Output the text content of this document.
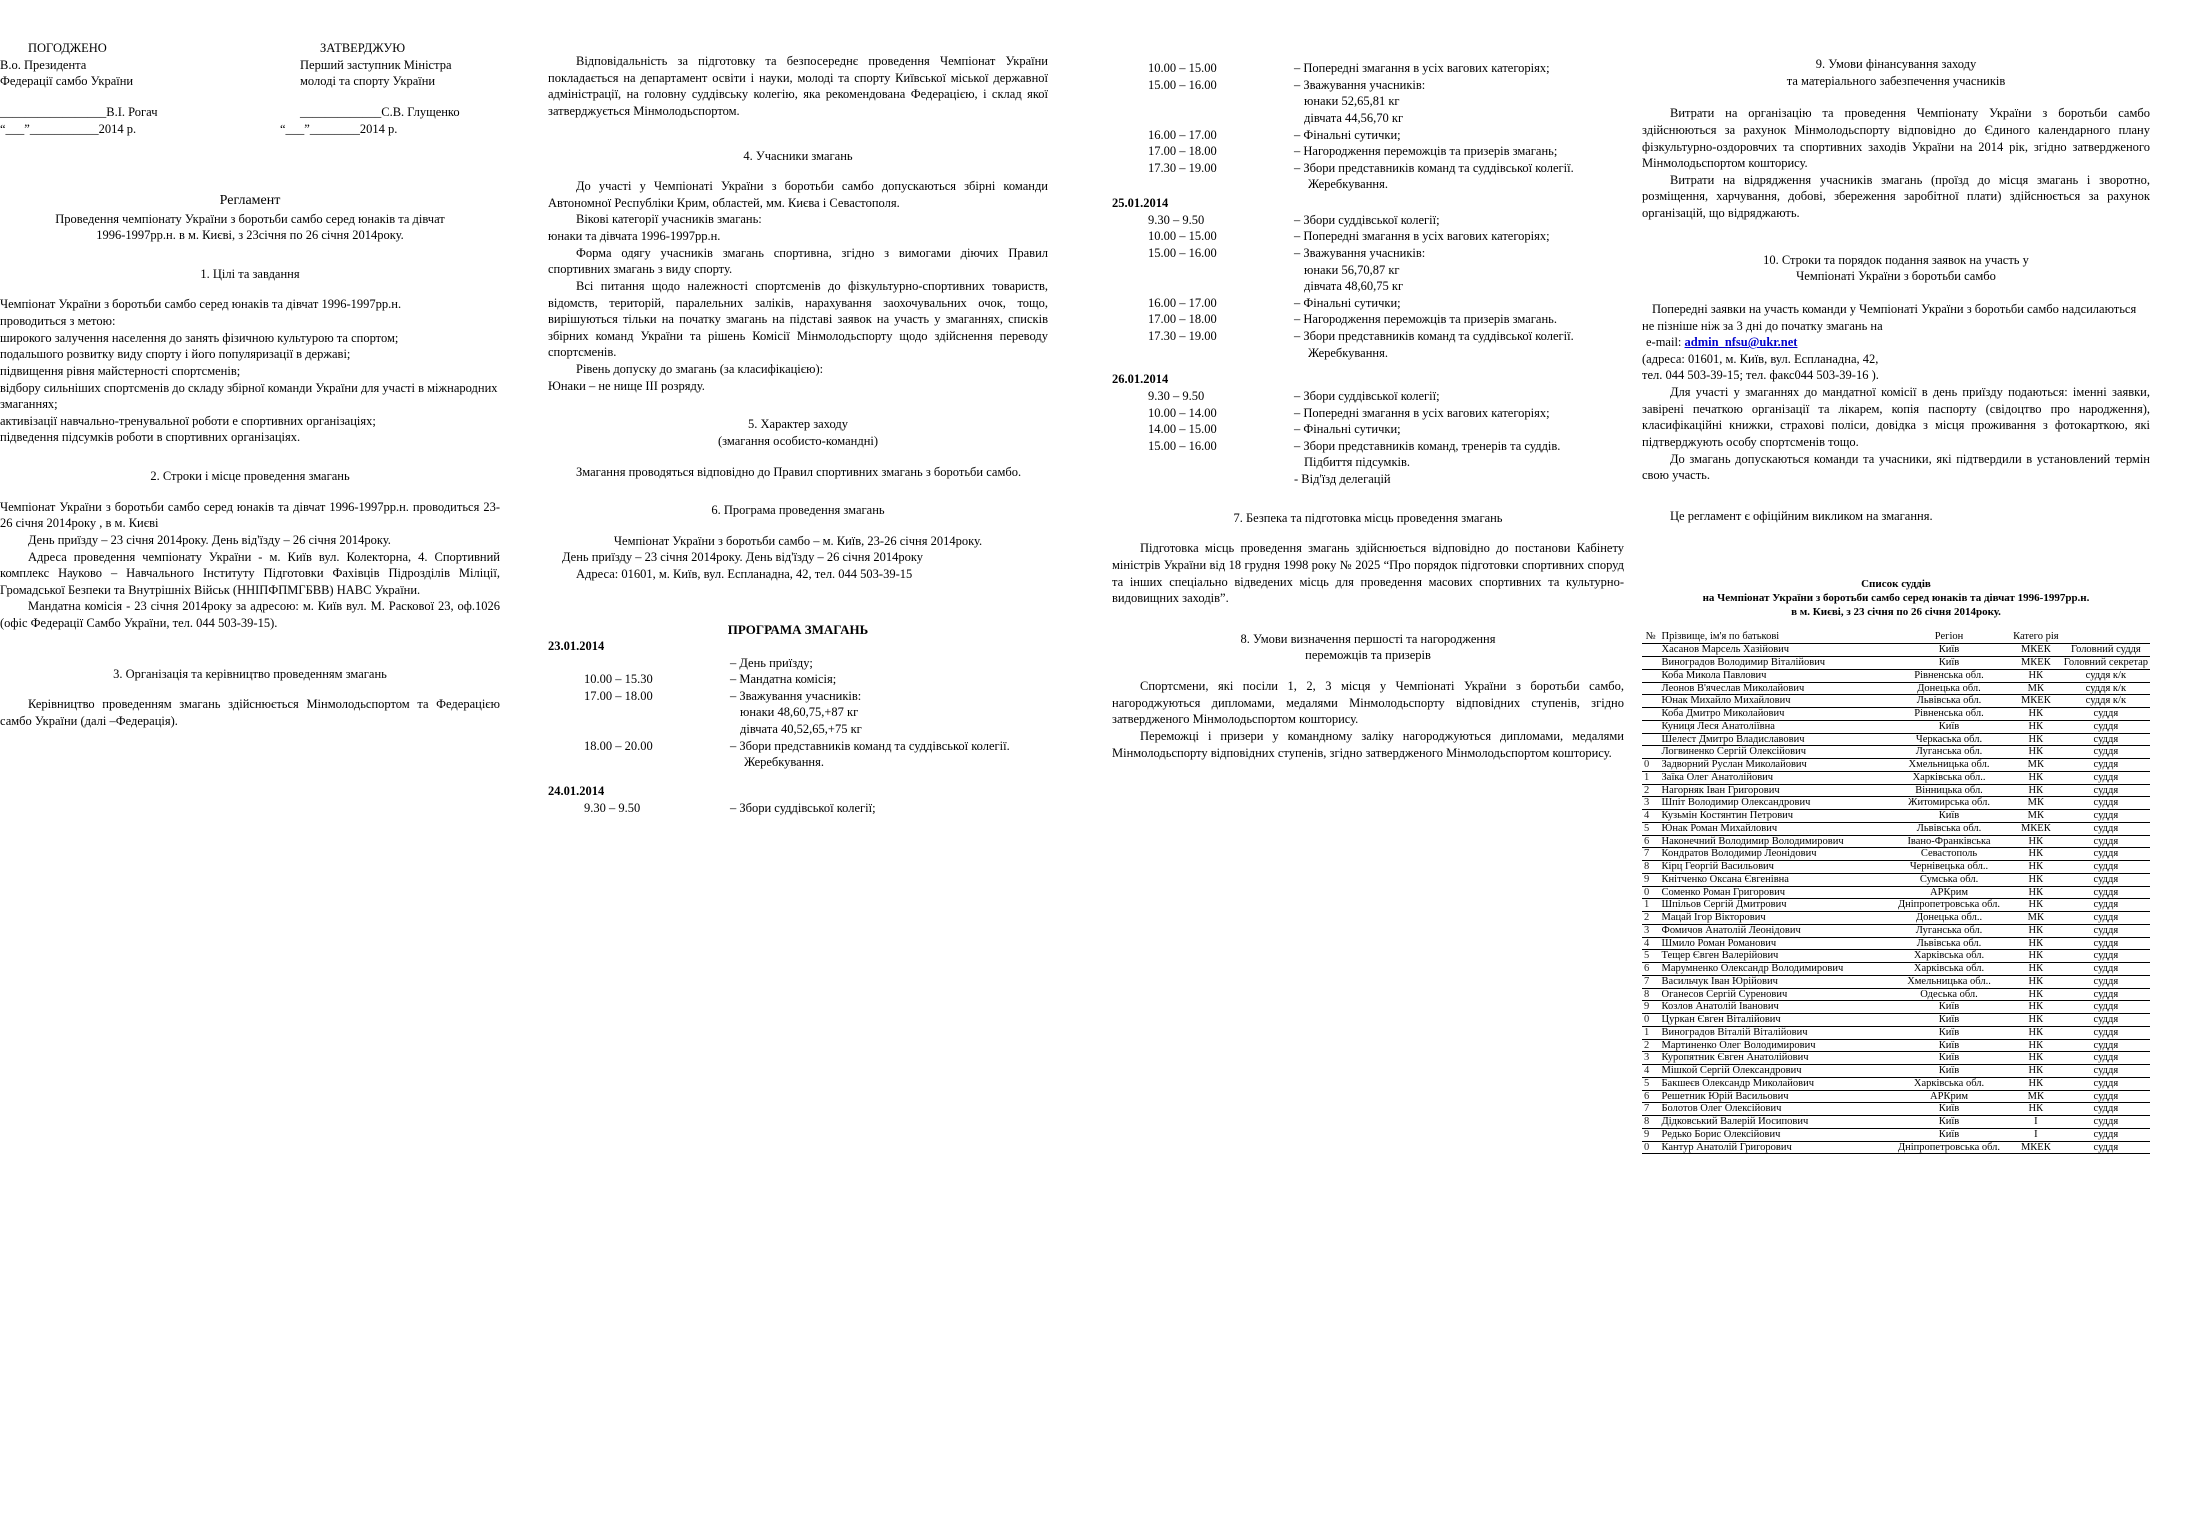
ПОГОДЖЕНО

В.о. Президента

Федерації самбо України

_________________В.І. Рогач

“___”___________2014 р.

ЗАТВЕРДЖУЮ

Перший заступник Міністра

молоді та спорту України

_____________С.В. Глущенко

“___”________2014 р.

Регламент

Проведення чемпіонату України з боротьби самбо серед юнаків та дівчат

1996-1997рр.н. в м. Києві, з 23січня по 26 січня 2014року.

1. Цілі та завдання

Чемпіонат України з боротьби самбо серед юнаків та дівчат 1996-1997рр.н.

проводиться з метою:

широкого залучення населення до занять фізичною культурою та спортом;

подальшого розвитку виду спорту і його популяризації в державі;

підвищення рівня майстерності спортсменів;

відбору сильніших спортсменів до складу збірної команди України для участі в міжнародних змаганнях;

активізації навчально-тренувальної роботи е спортивних організаціях;

підведення підсумків роботи в спортивних організаціях.

2. Строки і місце проведення змагань

Чемпіонат України з боротьби самбо серед юнаків та дівчат 1996-1997рр.н. проводиться 23-26 січня 2014року , в м. Києві

День приїзду – 23 січня 2014року. День від'їзду – 26 січня 2014року.

Адреса проведення чемпіонату України - м. Київ вул. Колекторна, 4. Спортивний комплекс Науково – Навчального Інституту Підготовки Фахівців Підрозділів Міліції, Громадської Безпеки та Внутрішніх Військ (ННІПФПМГБВВ) НАВС України.

Мандатна комісія - 23 січня 2014року за адресою: м. Київ вул. М. Раскової 23, оф.1026 (офіс Федерації Самбо України, тел. 044 503-39-15).

3. Організація та керівництво проведенням змагань

Керівництво проведенням змагань здійснюється Мінмолодьспортом та Федерацією самбо України (далі –Федерація).

Відповідальність за підготовку та безпосереднє проведення Чемпіонат України покладається на департамент освіти і науки, молоді та спорту Київської міської державної адміністрації, на головну суддівську колегію, яка рекомендована Федерацією, і склад якої затверджується Мінмолодьспортом.

4. Учасники змагань

До участі у Чемпіонаті України з боротьби самбо допускаються збірні команди Автономної Республіки Крим, областей, мм. Києва і Севастополя.

Вікові категорії учасників змагань:

юнаки та дівчата 1996-1997рр.н.

Форма одягу учасників змагань спортивна, згідно з вимогами діючих Правил спортивних змагань з виду спорту.

Всі питання щодо належності спортсменів до фізкультурно-спортивних товариств, відомств, територій, паралельних заліків, нарахування заохочувальних очок, тощо, вирішуються тільки на початку змагань на підставі заявок на участь у змаганнях, списків збірних команд України та рішень Комісії Мінмолодьспорту щодо здійснення переводу спортсменів.

Рівень допуску до змагань (за класифікацією):

Юнаки – не нище ІІІ розряду.

5. Характер заходу

(змагання особисто-командні)

Змагання проводяться відповідно до Правил спортивних змагань з боротьби самбо.

6. Програма проведення змагань

Чемпіонат України з боротьби самбо – м. Київ, 23-26 січня 2014року.

День приїзду – 23 січня 2014року. День від'їзду – 26 січня 2014року

Адреса: 01601, м. Київ, вул. Еспланадна, 42, тел. 044 503-39-15

ПРОГРАМА ЗМАГАНЬ

23.01.2014

	– День приїзду;
10.00 – 15.30	– Мандатна комісія;
17.00 – 18.00	– Зважування учасників:
	юнаки 48,60,75,+87 кг
	дівчата 40,52,65,+75 кг
18.00 – 20.00	– Збори представників команд та суддівської колегії.
	Жеребкування.

24.01.2014

9.30 – 9.50	– Збори суддівської колегії;
10.00 – 15.00	– Попередні змагання в усіх вагових категоріях;
15.00 – 16.00	– Зважування учасників:
	юнаки 52,65,81 кг
	дівчата 44,56,70 кг
16.00 – 17.00	– Фінальні сутички;
17.00 – 18.00	– Нагородження переможців та призерів змагань;
17.30 – 19.00	– Збори представників команд та суддівської колегії.
	Жеребкування.

25.01.2014

9.30 – 9.50	– Збори суддівської колегії;
10.00 – 15.00	– Попередні змагання в усіх вагових категоріях;
15.00 – 16.00	– Зважування учасників:
	юнаки 56,70,87 кг
	дівчата 48,60,75 кг
16.00 – 17.00	– Фінальні сутички;
17.00 – 18.00	– Нагородження переможців та призерів змагань.
17.30 – 19.00	– Збори представників команд та суддівської колегії.
	Жеребкування.

26.01.2014

9.30 – 9.50	– Збори суддівської колегії;
10.00 – 14.00	– Попередні змагання в усіх вагових категоріях;
14.00 – 15.00	– Фінальні сутички;
15.00 – 16.00	– Збори представників команд, тренерів та суддів.
	Підбиття підсумків.
	- Від'їзд делегацій

7. Безпека та підготовка місць проведення змагань

Підготовка місць проведення змагань здійснюється відповідно до постанови Кабінету міністрів України від 18 грудня 1998 року № 2025 “Про порядок підготовки спортивних споруд та інших спеціально відведених місць для проведення масових спортивних та культурно-видовищних заходів”.

8. Умови визначення першості та нагородження

переможців та призерів

Спортсмени, які посіли 1, 2, 3 місця у Чемпіонаті України з боротьби самбо, нагороджуються дипломами, медалями Мінмолодьспорту відповідних ступенів, згідно затвердженого Мінмолодьспортом кошторису.

Переможці і призери у командному заліку нагороджуються дипломами, медалями Мінмолодьспорту відповідних ступенів, згідно затвердженого Мінмолодьспортом кошторису.

9. Умови фінансування заходу

та матеріального забезпечення учасників

Витрати на організацію та проведення Чемпіонату України з боротьби самбо здійснюються за рахунок Мінмолодьспорту відповідно до Єдиного календарного плану фізкультурно-оздоровчих та спортивних заходів України на 2014 рік, згідно затвердженого Мінмолодьспортом кошторису.

Витрати на відрядження учасників змагань (проїзд до місця змагань і зворотно, розміщення, харчування, добові, збереження заробітної плати) здійснюється за рахунок організацій, що відряджають.

10. Строки та порядок подання заявок на участь у

Чемпіонаті України з боротьби самбо

Попередні заявки на участь команди у Чемпіонаті України з боротьби самбо надсилаються не пізніше ніж за 3 дні до початку змагань на

e-mail: admin_nfsu@ukr.net

(адреса: 01601, м. Київ, вул. Еспланадна, 42,

тел. 044 503-39-15; тел. факс044 503-39-16 ).

Для участі у змаганнях до мандатної комісії в день приїзду подаються: іменні заявки, завірені печаткою організації та лікарем, копія паспорту (свідоцтво про народження), класифікаційні книжки, страхові поліси, довідка з місця проживання з фотокарткою, які підтверджують особу спортсменів тощо.

До змагань допускаються команди та учасники, які підтвердили в установлений термін свою участь.

Це регламент є офіційним викликом на змагання.

Список суддів

на Чемпіонат України з боротьби самбо серед юнаків та дівчат 1996-1997рр.н.

в м. Києві, з 23 січня по 26 січня 2014року.

№	Прізвище, ім'я по батькові	Регіон	Катего рія	
	Хасанов Марсель Хазійович	Київ	МКЕК	Головний суддя
	Виноградов Володимир Віталійович	Київ	МКЕК	Головний секретар
	Коба Микола Павлович	Рівненська обл.	НК	суддя к/к
	Леонов В'ячеслав Миколайович	Донецька обл.	МК	суддя к/к
	Юнак Михайло Михайлович	Львівська обл.	МКЕК	суддя к/к
	Коба Дмитро Миколайович	Рівненська обл.	НК	суддя
	Куниця Леся Анатоліївна	Київ	НК	суддя
	Шелест Дмитро Владиславович	Черкаська обл.	НК	суддя
	Логвиненко Сергій Олексійович	Луганська обл.	НК	суддя
0	Задворний Руслан Миколайович	Хмельницька обл.	МК	суддя
1	Заїка Олег Анатолійович	Харківська обл..	НК	суддя
2	Нагорняк Іван Григорович	Вінницька обл.	НК	суддя
3	Шпіт Володимир Олександрович	Житомирська обл.	МК	суддя
4	Кузьмін Костянтин Петрович	Київ	МК	суддя
5	Юнак Роман Михайлович	Львівська обл.	МКЕК	суддя
6	Наконечний Володимир Володимирович	Івано-Франківська	НК	суддя
7	Кондратов Володимир Леонідович	Севастополь	НК	суддя
8	Кірц Георгій Васильович	Чернівецька обл..	НК	суддя
9	Кнітченко Оксана Євгенівна	Сумська обл.	НК	суддя
0	Соменко Роман Григорович	АРКрим	НК	суддя
1	Шпільов Сергій Дмитрович	Дніпропетровська обл.	НК	суддя
2	Мацай Ігор Вікторович	Донецька обл..	МК	суддя
3	Фомичов Анатолій Леонідович	Луганська обл.	НК	суддя
4	Шмило Роман Романович	Львівська обл.	НК	суддя
5	Тещер Євген Валерійович	Харківська обл.	НК	суддя
6	Марумненко Олександр Володимирович	Харківська обл.	НК	суддя
7	Васильчук Іван Юрійович	Хмельницька обл..	НК	суддя
8	Оганесов Сергій Суренович	Одеська обл.	НК	суддя
9	Козлов Анатолій Іванович	Київ	НК	суддя
0	Цуркан Євген Віталійович	Київ	НК	суддя
1	Виноградов Віталій Віталійович	Київ	НК	суддя
2	Мартиненко Олег Володимирович	Київ	НК	суддя
3	Куропятник Євген Анатолійович	Київ	НК	суддя
4	Мішкой Сергій Олександрович	Київ	НК	суддя
5	Бакшеєв Олександр Миколайович	Харківська обл.	НК	суддя
6	Решетник Юрій Васильович	АРКрим	МК	суддя
7	Болотов Олег Олексійович	Київ	НК	суддя
8	Дідковський Валерій Иосипович	Київ	І	суддя
9	Редько Борис Олексійович	Київ	І	суддя
0	Кантур Анатолій Григорович	Дніпропетровська обл.	МКЕК	суддя
